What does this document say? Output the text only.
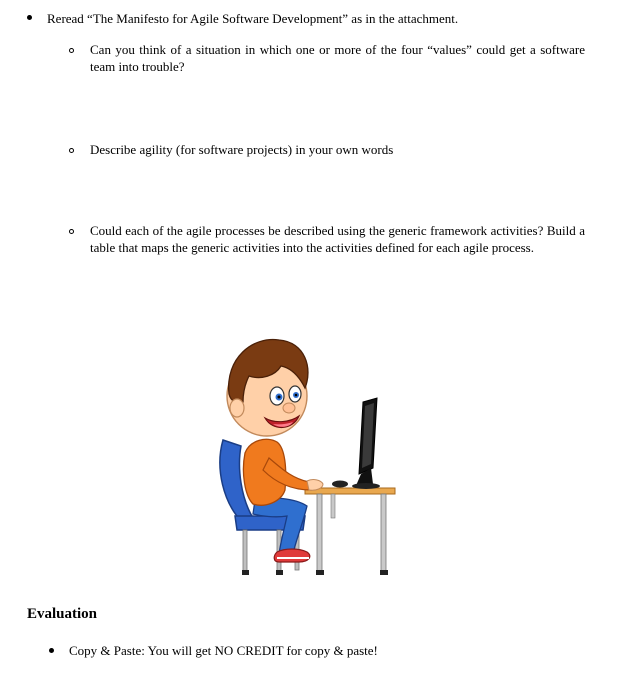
Reread “The Manifesto for Agile Software Development” as in the attachment.

Can you think of a situation in which one or more of the four “values” could get a software team into trouble?

Describe agility (for software projects) in your own words

Could each of the agile processes be described using the generic framework activities? Build a table that maps the generic activities into the activities defined for each agile process.

Evaluation

Copy & Paste: You will get NO CREDIT for copy & paste!
